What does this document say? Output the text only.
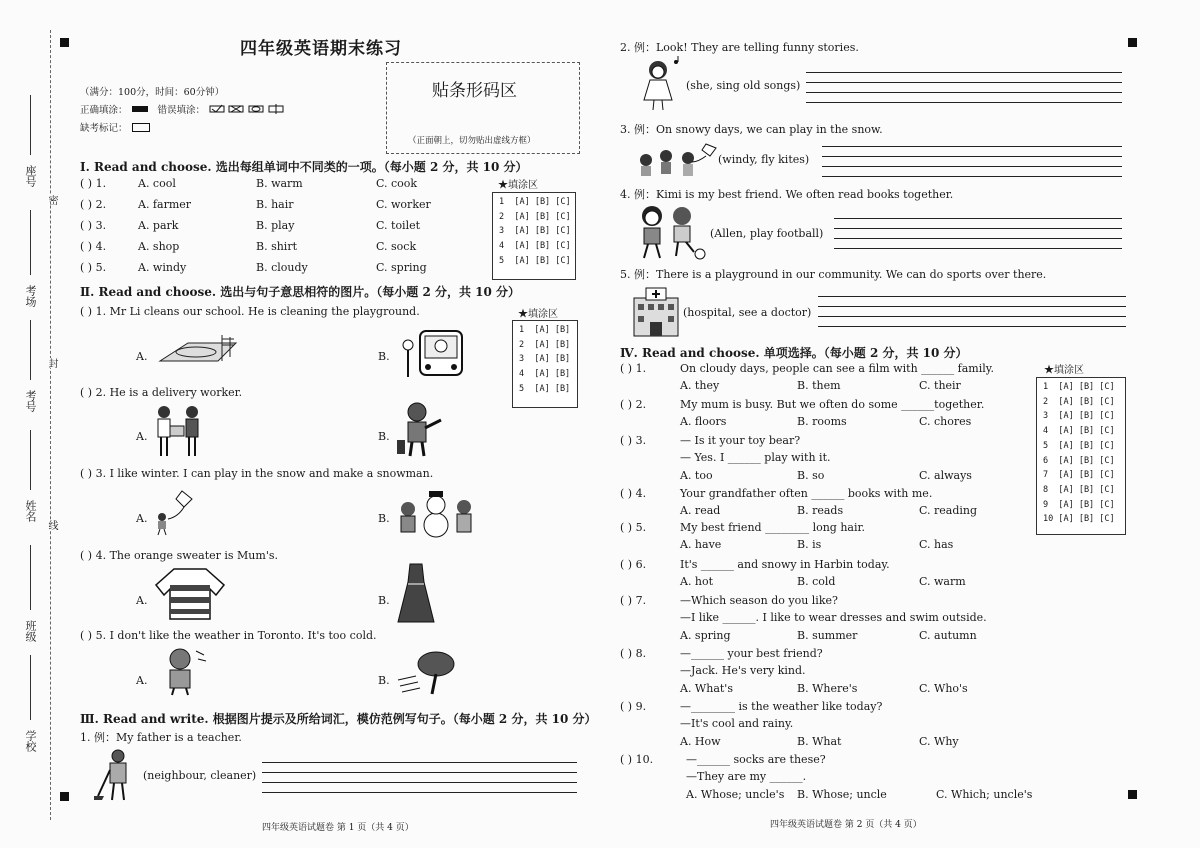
座号
考场
考号
姓名
班级
学校
密
封
线
四年级英语期末练习
（满分：100分，时间：60分钟）
正确填涂：	错误填涂：
缺考标记：
贴条形码区
（正面朝上，切勿贴出虚线方框）
Ⅰ. Read and choose. 选出每组单词中不同类的一项。（每小题 2 分，共 10 分）
( ) 1.	A. cool	B. warm	C. cook
( ) 2.	A. farmer	B. hair	C. worker
( ) 3.	A. park	B. play	C. toilet
( ) 4.	A. shop	B. shirt	C. sock
( ) 5.	A. windy	B. cloudy	C. spring
★填涂区
1  [A] [B] [C]
2  [A] [B] [C]
3  [A] [B] [C]
4  [A] [B] [C]
5  [A] [B] [C]
Ⅱ. Read and choose. 选出与句子意思相符的图片。（每小题 2 分，共 10 分）
★填涂区
1  [A] [B]
2  [A] [B]
3  [A] [B]
4  [A] [B]
5  [A] [B]
( ) 1. Mr Li cleans our school. He is cleaning the playground.
A.	B.
( ) 2. He is a delivery worker.
A.	B.
( ) 3. I like winter. I can play in the snow and make a snowman.
A.	B.
( ) 4. The orange sweater is Mum's.
A.	B.
( ) 5. I don't like the weather in Toronto. It's too cold.
A.	B.
Ⅲ. Read and write. 根据图片提示及所给词汇，模仿范例写句子。（每小题 2 分，共 10 分）
1. 例：My father is a teacher.
(neighbour, cleaner)
2. 例：Look! They are telling funny stories.
(she, sing old songs)
3. 例：On snowy days, we can play in the snow.
(windy, fly kites)
4. 例：Kimi is my best friend. We often read books together.
(Allen, play football)
5. 例：There is a playground in our community. We can do sports over there.
(hospital, see a doctor)
Ⅳ. Read and choose. 单项选择。（每小题 2 分，共 10 分）
★填涂区
1  [A] [B] [C]
2  [A] [B] [C]
3  [A] [B] [C]
4  [A] [B] [C]
5  [A] [B] [C]
6  [A] [B] [C]
7  [A] [B] [C]
8  [A] [B] [C]
9  [A] [B] [C]
10 [A] [B] [C]
( ) 1.	On cloudy days, people can see a film with ______ family.
A. they	B. them	C. their
( ) 2.	My mum is busy. But we often do some ______together.
A. floors	B. rooms	C. chores
( ) 3.	— Is it your toy bear?
— Yes. I ______ play with it.
A. too	B. so	C. always
( ) 4.	Your grandfather often ______ books with me.
A. read	B. reads	C. reading
( ) 5.	My best friend ________ long hair.
A. have	B. is	C. has
( ) 6.	It's ______ and snowy in Harbin today.
A. hot	B. cold	C. warm
( ) 7.	—Which season do you like?
—I like ______. I like to wear dresses and swim outside.
A. spring	B. summer	C. autumn
( ) 8.	—______ your best friend?
—Jack. He's very kind.
A. What's	B. Where's	C. Who's
( ) 9.	—________ is the weather like today?
—It's cool and rainy.
A. How	B. What	C. Why
( ) 10.	—______ socks are these?
—They are my ______.
A. Whose; uncle's B. Whose; uncle	C. Which; uncle's
四年级英语试题卷 第 1 页（共 4 页）	四年级英语试题卷 第 2 页（共 4 页）
